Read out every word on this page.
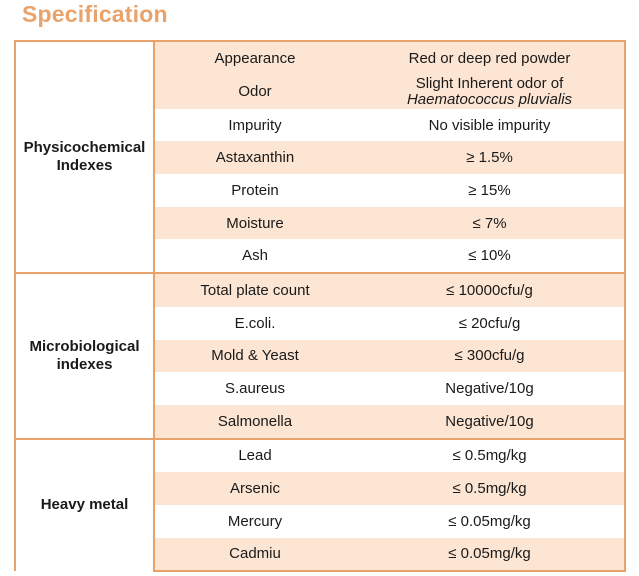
Specification
Physicochemical
Indexes	Appearance	Red or deep red powder
	Odor	Slight Inherent odor of
Haematococcus pluvialis
	Impurity	No visible impurity
	Astaxanthin	≥ 1.5%
	Protein	≥ 15%
	Moisture	≤ 7%
	Ash	≤ 10%
Microbiological
indexes	Total plate count	≤ 10000cfu/g
	E.coli.	≤ 20cfu/g
	Mold & Yeast	≤ 300cfu/g
	S.aureus	Negative/10g
	Salmonella	Negative/10g
Heavy metal	Lead	≤ 0.5mg/kg
	Arsenic	≤ 0.5mg/kg
	Mercury	≤ 0.05mg/kg
	Cadmiu	≤ 0.05mg/kg
